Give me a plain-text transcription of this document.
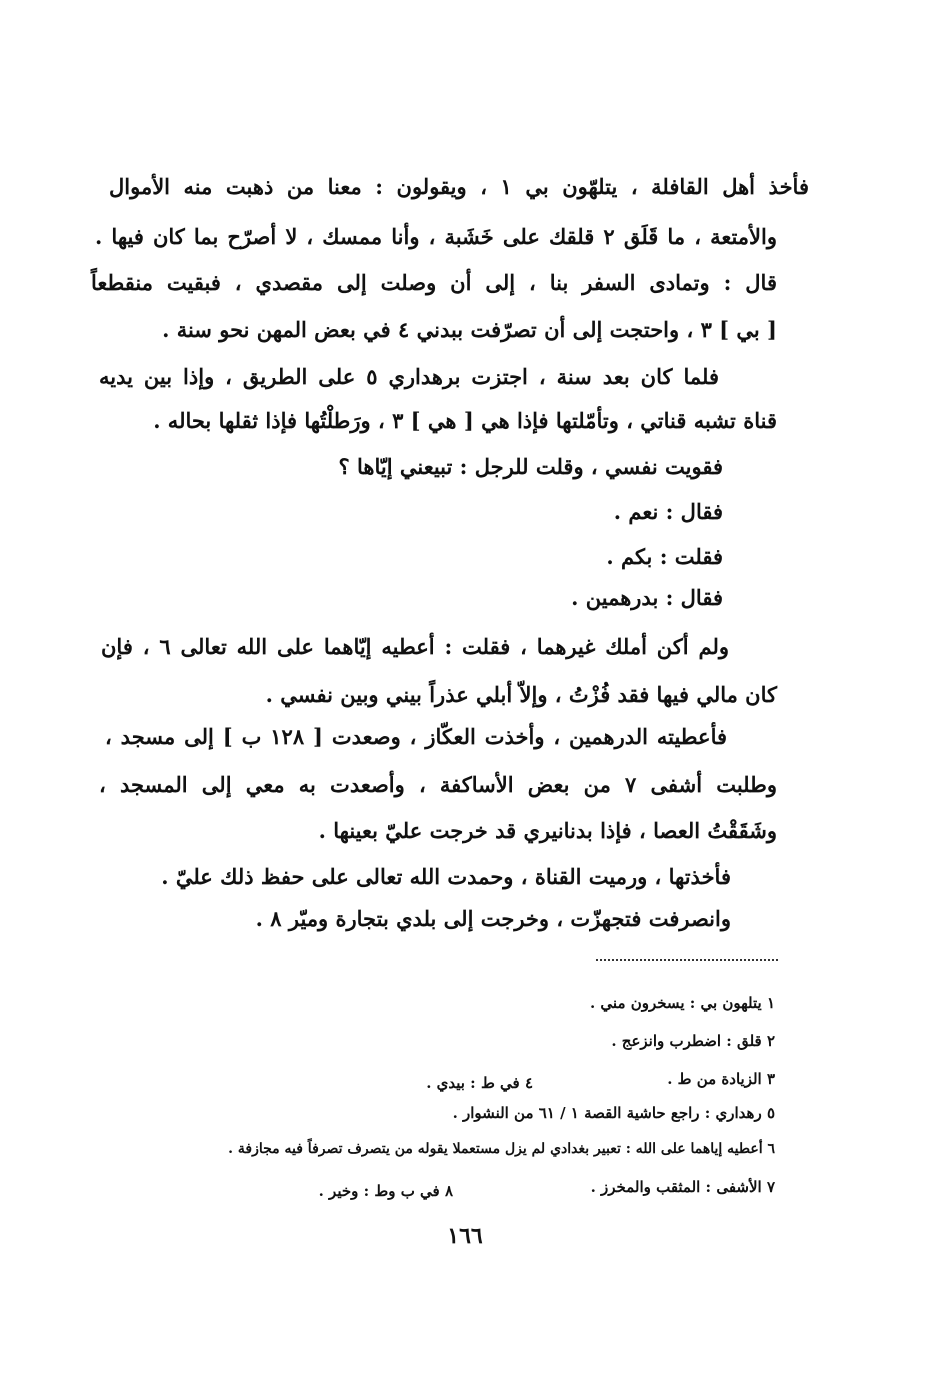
فأخذ أهل القافلة ، يتلهّون بي ١ ، ويقولون : معنا من ذهبت منه الأموال
والأمتعة ، ما قَلَق ٢ قلقك على خَشَبة ، وأنا ممسك ، لا أصرّح بما كان فيها .
قال : وتمادى السفر بنا ، إلى أن وصلت إلى مقصدي ، فبقيت منقطعاً
[ بي ] ٣ ، واحتجت إلى أن تصرّفت ببدني ٤ في بعض المهن نحو سنة .
فلما كان بعد سنة ، اجتزت برهداري ٥ على الطريق ، وإذا بين يديه
قناة تشبه قناتي ، وتأمّلتها فإذا هي [ هي ] ٣ ، ورَطلْتُها فإذا ثقلها بحاله .
فقويت نفسي ، وقلت للرجل : تبيعني إيّاها ؟
فقال : نعم .
فقلت : بكم .
فقال : بدرهمين .
ولم أكن أملك غيرهما ، فقلت : أعطيه إيّاهما على الله تعالى ٦ ، فإن
كان مالي فيها فقد فُزْتُ ، وإلاّ أبلي عذراً بيني وبين نفسي .
فأعطيته الدرهمين ، وأخذت العكّاز ، وصعدت [ ١٢٨ ب ] إلى مسجد ،
وطلبت أشفى ٧ من بعض الأساكفة ، وأصعدت به معي إلى المسجد ،
وشَقَقْتُ العصا ، فإذا بدنانيري قد خرجت عليّ بعينها .
فأخذتها ، ورميت القناة ، وحمدت الله تعالى على حفظ ذلك عليّ .
وانصرفت فتجهزّت ، وخرجت إلى بلدي بتجارة وميّر ٨ .
١ يتلهون بي : يسخرون مني .
٢ قلق : اضطرب وانزعج .
٣ الزيادة من ط .
٤ في ط : بيدي .
٥ رهداري : راجع حاشية القصة ١ / ٦١ من النشوار .
٦ أعطيه إياهما على الله : تعبير بغدادي لم يزل مستعملا يقوله من يتصرف تصرفاً فيه مجازفة .
٧ الأشفى : المثقب والمخرز .
٨ في ب وط : وخير .
١٦٦
